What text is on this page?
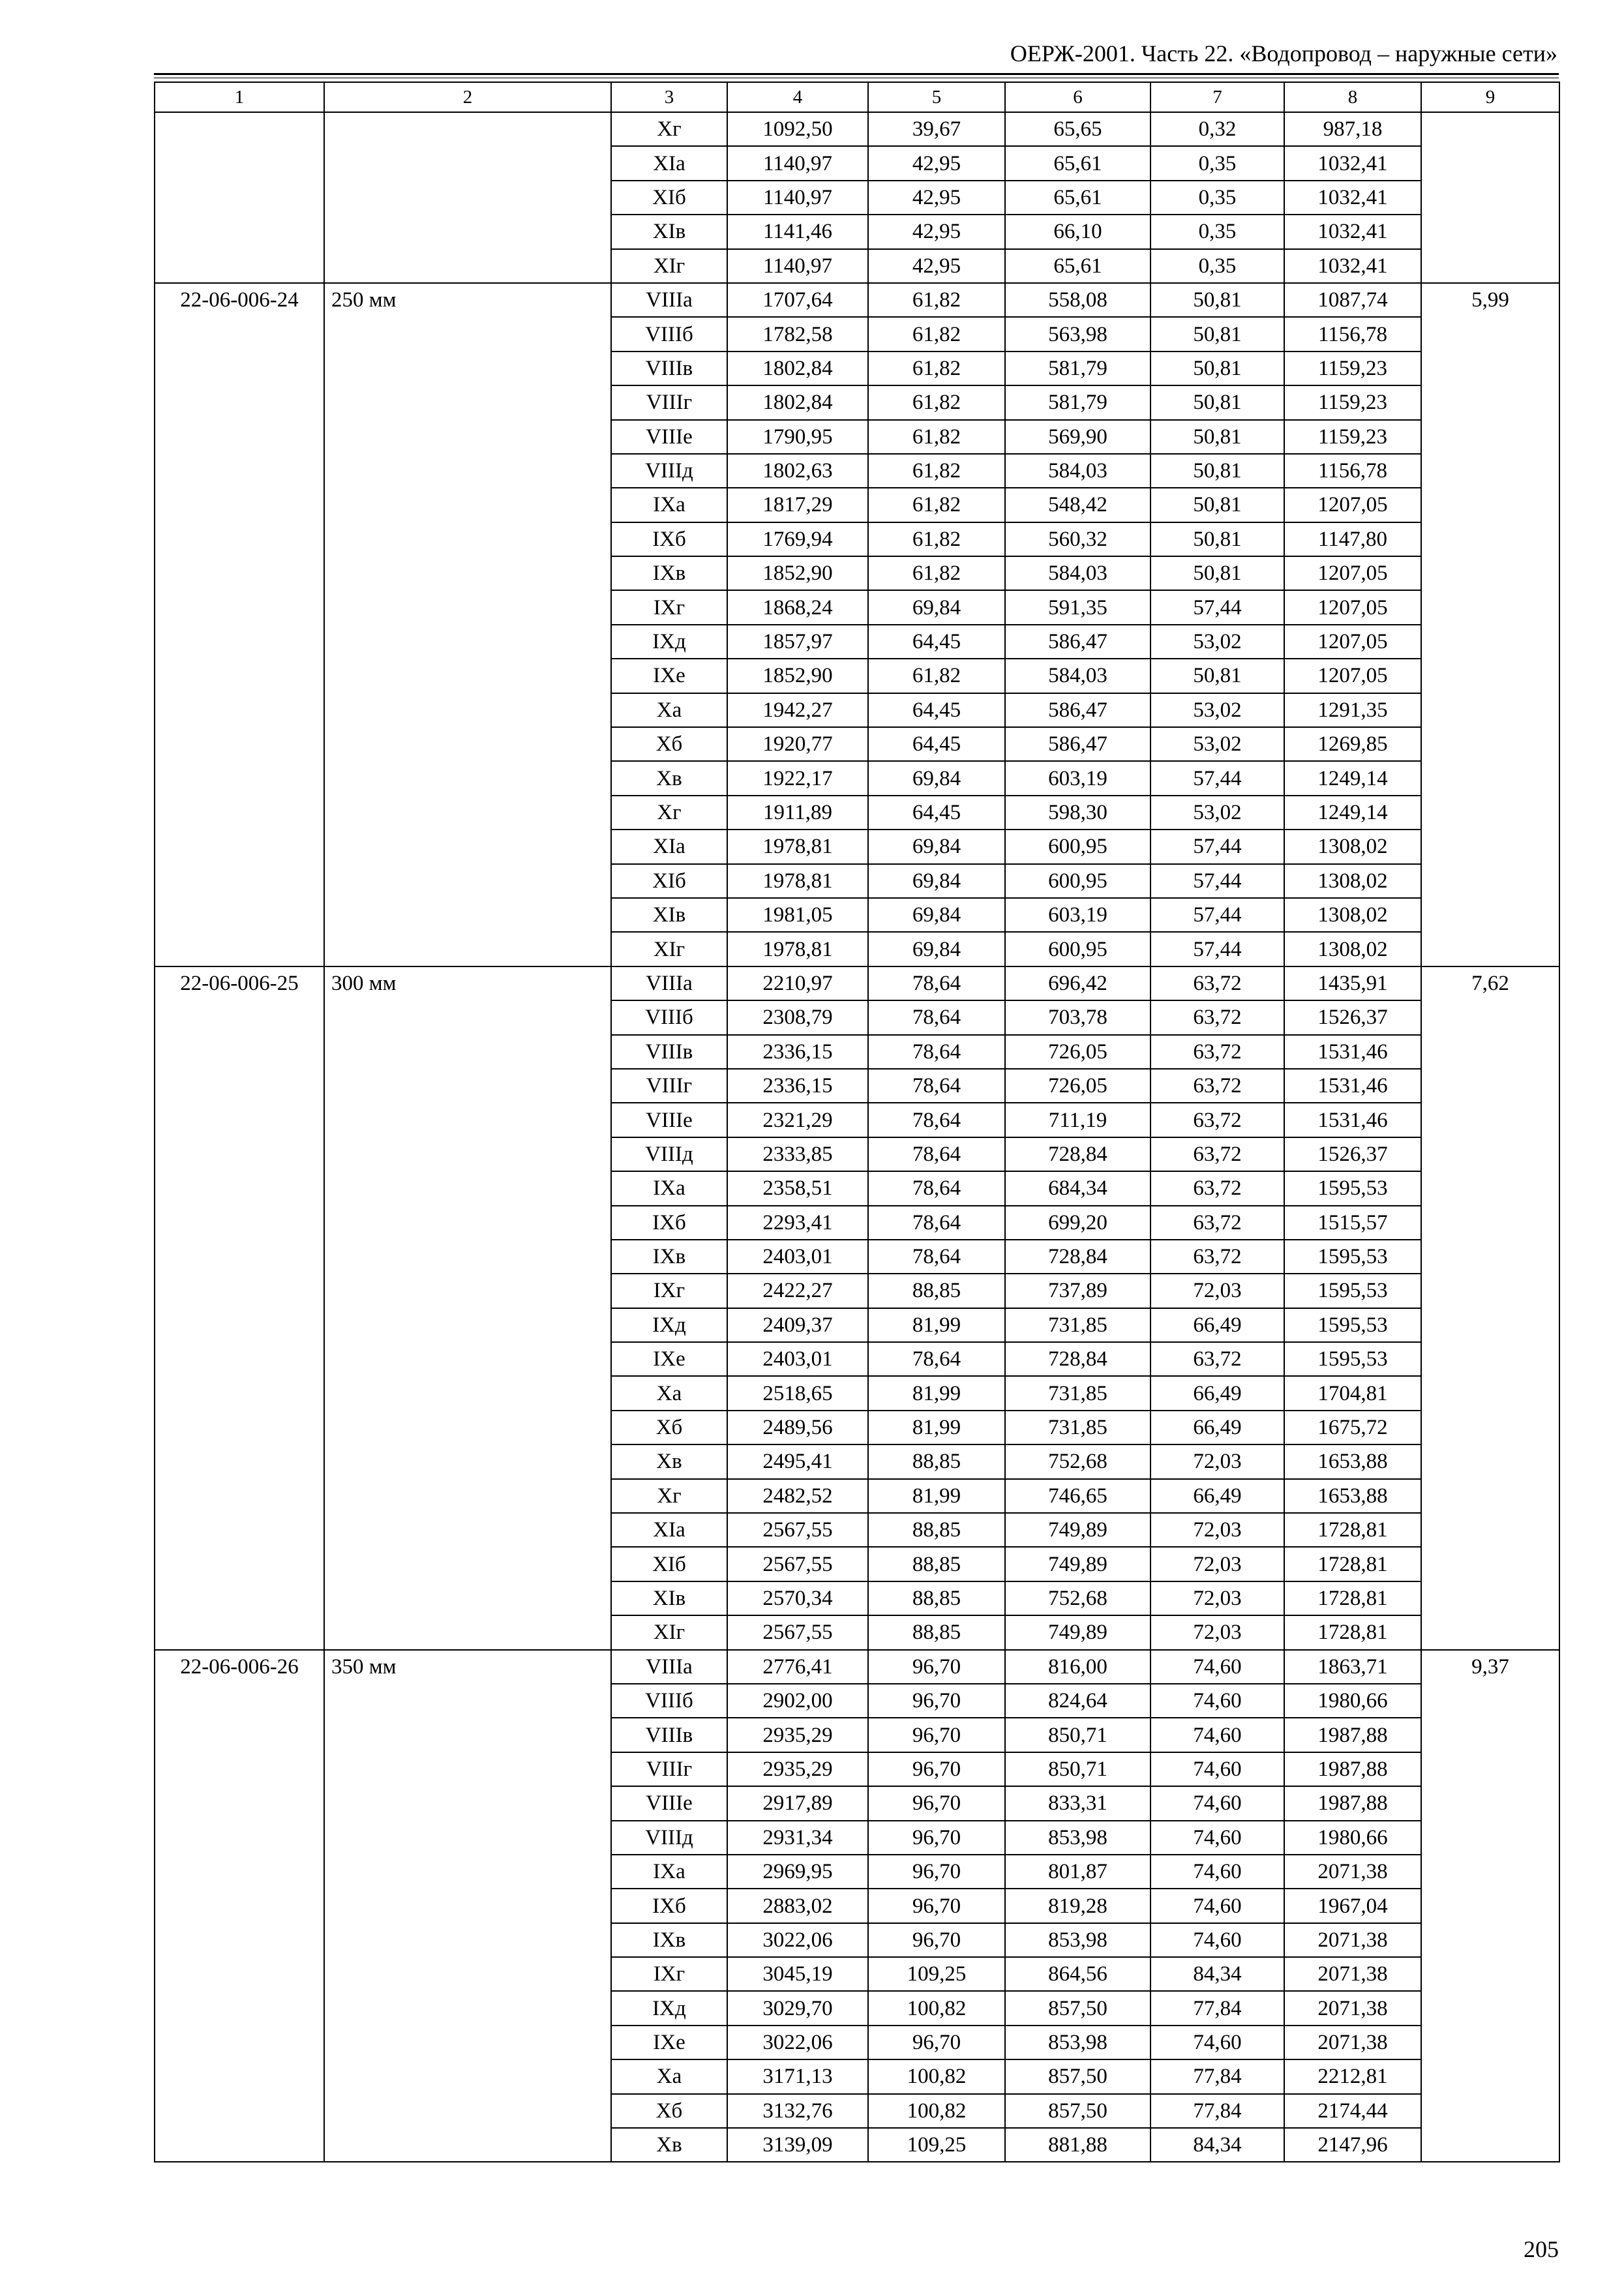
ОЕРЖ-2001. Часть 22. «Водопровод – наружные сети»
1	2	3	4	5	6	7	8	9
		Хг	1092,50	39,67	65,65	0,32	987,18	
		ХIа	1140,97	42,95	65,61	0,35	1032,41	
		ХIб	1140,97	42,95	65,61	0,35	1032,41	
		ХIв	1141,46	42,95	66,10	0,35	1032,41	
		ХIг	1140,97	42,95	65,61	0,35	1032,41	
22-06-006-24	250 мм	VIIIа	1707,64	61,82	558,08	50,81	1087,74	5,99
		VIIIб	1782,58	61,82	563,98	50,81	1156,78	
		VIIIв	1802,84	61,82	581,79	50,81	1159,23	
		VIIIг	1802,84	61,82	581,79	50,81	1159,23	
		VIIIе	1790,95	61,82	569,90	50,81	1159,23	
		VIIIд	1802,63	61,82	584,03	50,81	1156,78	
		IХа	1817,29	61,82	548,42	50,81	1207,05	
		IХб	1769,94	61,82	560,32	50,81	1147,80	
		IХв	1852,90	61,82	584,03	50,81	1207,05	
		IХг	1868,24	69,84	591,35	57,44	1207,05	
		IХд	1857,97	64,45	586,47	53,02	1207,05	
		IХе	1852,90	61,82	584,03	50,81	1207,05	
		Ха	1942,27	64,45	586,47	53,02	1291,35	
		Хб	1920,77	64,45	586,47	53,02	1269,85	
		Хв	1922,17	69,84	603,19	57,44	1249,14	
		Хг	1911,89	64,45	598,30	53,02	1249,14	
		ХIа	1978,81	69,84	600,95	57,44	1308,02	
		ХIб	1978,81	69,84	600,95	57,44	1308,02	
		ХIв	1981,05	69,84	603,19	57,44	1308,02	
		ХIг	1978,81	69,84	600,95	57,44	1308,02	
22-06-006-25	300 мм	VIIIа	2210,97	78,64	696,42	63,72	1435,91	7,62
		VIIIб	2308,79	78,64	703,78	63,72	1526,37	
		VIIIв	2336,15	78,64	726,05	63,72	1531,46	
		VIIIг	2336,15	78,64	726,05	63,72	1531,46	
		VIIIе	2321,29	78,64	711,19	63,72	1531,46	
		VIIIд	2333,85	78,64	728,84	63,72	1526,37	
		IХа	2358,51	78,64	684,34	63,72	1595,53	
		IХб	2293,41	78,64	699,20	63,72	1515,57	
		IХв	2403,01	78,64	728,84	63,72	1595,53	
		IХг	2422,27	88,85	737,89	72,03	1595,53	
		IХд	2409,37	81,99	731,85	66,49	1595,53	
		IХе	2403,01	78,64	728,84	63,72	1595,53	
		Ха	2518,65	81,99	731,85	66,49	1704,81	
		Хб	2489,56	81,99	731,85	66,49	1675,72	
		Хв	2495,41	88,85	752,68	72,03	1653,88	
		Хг	2482,52	81,99	746,65	66,49	1653,88	
		ХIа	2567,55	88,85	749,89	72,03	1728,81	
		ХIб	2567,55	88,85	749,89	72,03	1728,81	
		ХIв	2570,34	88,85	752,68	72,03	1728,81	
		ХIг	2567,55	88,85	749,89	72,03	1728,81	
22-06-006-26	350 мм	VIIIа	2776,41	96,70	816,00	74,60	1863,71	9,37
		VIIIб	2902,00	96,70	824,64	74,60	1980,66	
		VIIIв	2935,29	96,70	850,71	74,60	1987,88	
		VIIIг	2935,29	96,70	850,71	74,60	1987,88	
		VIIIе	2917,89	96,70	833,31	74,60	1987,88	
		VIIIд	2931,34	96,70	853,98	74,60	1980,66	
		IХа	2969,95	96,70	801,87	74,60	2071,38	
		IХб	2883,02	96,70	819,28	74,60	1967,04	
		IХв	3022,06	96,70	853,98	74,60	2071,38	
		IХг	3045,19	109,25	864,56	84,34	2071,38	
		IХд	3029,70	100,82	857,50	77,84	2071,38	
		IХе	3022,06	96,70	853,98	74,60	2071,38	
		Ха	3171,13	100,82	857,50	77,84	2212,81	
		Хб	3132,76	100,82	857,50	77,84	2174,44	
		Хв	3139,09	109,25	881,88	84,34	2147,96	
205
